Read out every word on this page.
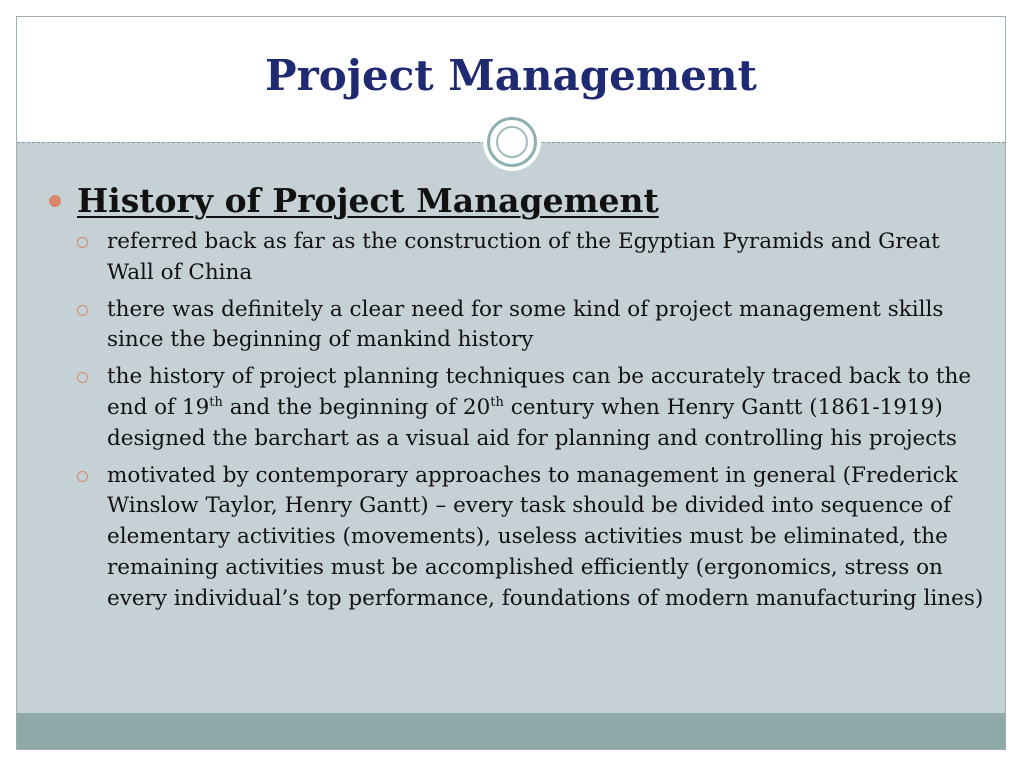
Project Management
History of Project Management
referred back as far as the construction of the Egyptian Pyramids and Great Wall of China
there was definitely a clear need for some kind of project management skills since the beginning of mankind history
the history of project planning techniques can be accurately traced back to the end of 19th and the beginning of 20th century when Henry Gantt (1861-1919) designed the barchart as a visual aid for planning and controlling his projects
motivated by contemporary approaches to management in general (Frederick Winslow Taylor, Henry Gantt) – every task should be divided into sequence of elementary activities (movements), useless activities must be eliminated, the remaining activities must be accomplished efficiently (ergonomics, stress on every individual’s top performance, foundations of modern manufacturing lines)
